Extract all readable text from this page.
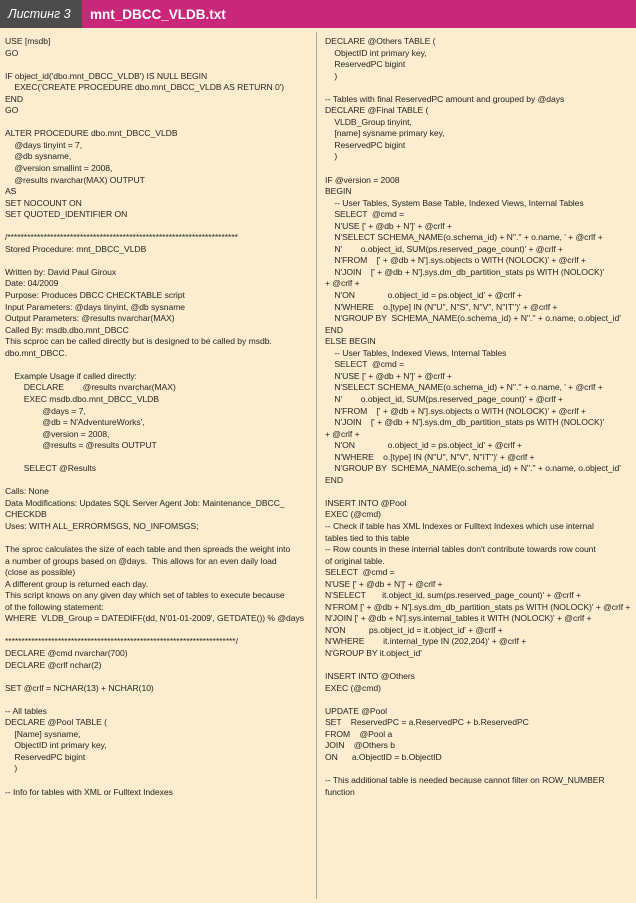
Листинг 3	mnt_DBCC_VLDB.txt
USE [msdb]
GO

IF object_id('dbo.mnt_DBCC_VLDB') IS NULL BEGIN
EXEC('CREATE PROCEDURE dbo.mnt_DBCC_VLDB AS RETURN 0')
END
GO

ALTER PROCEDURE dbo.mnt_DBCC_VLDB
@days tinyint = 7,
@db sysname,
@version smallint = 2008,
@results nvarchar(MAX) OUTPUT
AS
SET NOCOUNT ON
SET QUOTED_IDENTIFIER ON

/**********************************************************************
Stored Procedure: mnt_DBCC_VLDB

Written by: David Paul Giroux
Date: 04/2009
Purpose: Produces DBCC CHECKTABLE script
Input Parameters: @days tinyint, @db sysname
Output Parameters: @results nvarchar(MAX)
Called By: msdb.dbo.mnt_DBCC
This scproc can be called directly but is designed to be called by msdb.
dbo.mnt_DBCC.

Example Usage if called directly:
DECLARE        @results nvarchar(MAX)
EXEC msdb.dbo.mnt_DBCC_VLDB
@days = 7,
@db = N'AdventureWorks',
@version = 2008,
@results = @results OUTPUT

SELECT @Results

Calls: None
Data Modifications: Updates SQL Server Agent Job: Maintenance_DBCC_
CHECKDB
Uses: WITH ALL_ERRORMSGS, NO_INFOMSGS;

The sproc calculates the size of each table and then spreads the weight into
a number of groups based on @days.  This allows for an even daily load
(close as possible)
A different group is returned each day.
This script knows on any given day which set of tables to execute because
of the following statement:
WHERE  VLDB_Group = DATEDIFF(dd, N'01-01-2009', GETDATE()) % @days

**********************************************************************/
DECLARE @cmd nvarchar(700)
DECLARE @crlf nchar(2)

SET @crlf = NCHAR(13) + NCHAR(10)

-- All tables
DECLARE @Pool TABLE (
[Name] sysname,
ObjectID int primary key,
ReservedPC bigint
)

-- Info for tables with XML or Fulltext Indexes
DECLARE @Others TABLE (
ObjectID int primary key,
ReservedPC bigint
)

-- Tables with final ReservedPC amount and grouped by @days
DECLARE @Final TABLE (
VLDB_Group tinyint,
[name] sysname primary key,
ReservedPC bigint
)

IF @version = 2008
BEGIN
-- User Tables, System Base Table, Indexed Views, Internal Tables
SELECT  @cmd =
N'USE [' + @db + N']' + @crlf +
N'SELECT SCHEMA_NAME(o.schema_id) + N''.'' + o.name, ' + @crlf +
N'        o.object_id, SUM(ps.reserved_page_count)' + @crlf +
N'FROM    [' + @db + N'].sys.objects o WITH (NOLOCK)' + @crlf +
N'JOIN    [' + @db + N'].sys.dm_db_partition_stats ps WITH (NOLOCK)'
+ @crlf +
N'ON              o.object_id = ps.object_id' + @crlf +
N'WHERE    o.[type] IN (N''U'', N''S'', N''V'', N''IT'')' + @crlf +
N'GROUP BY  SCHEMA_NAME(o.schema_id) + N''.'' + o.name, o.object_id'
END
ELSE BEGIN
-- User Tables, Indexed Views, Internal Tables
SELECT  @cmd =
N'USE [' + @db + N']' + @crlf +
N'SELECT SCHEMA_NAME(o.schema_id) + N''.'' + o.name, ' + @crlf +
N'        o.object_id, SUM(ps.reserved_page_count)' + @crlf +
N'FROM    [' + @db + N'].sys.objects o WITH (NOLOCK)' + @crlf +
N'JOIN    [' + @db + N'].sys.dm_db_partition_stats ps WITH (NOLOCK)'
+ @crlf +
N'ON              o.object_id = ps.object_id' + @crlf +
N'WHERE    o.[type] IN (N''U'', N''V'', N''IT'')' + @crlf +
N'GROUP BY  SCHEMA_NAME(o.schema_id) + N''.'' + o.name, o.object_id'
END

INSERT INTO @Pool
EXEC (@cmd)
-- Check if table has XML Indexes or Fulltext Indexes which use internal
tables tied to this table
-- Row counts in these internal tables don't contribute towards row count
of original table.
SELECT  @cmd =
N'USE [' + @db + N']' + @crlf +
N'SELECT       it.object_id, sum(ps.reserved_page_count)' + @crlf +
N'FROM [' + @db + N'].sys.dm_db_partition_stats ps WITH (NOLOCK)' + @crlf +
N'JOIN [' + @db + N'].sys.internal_tables it WITH (NOLOCK)' + @crlf +
N'ON          ps.object_id = it.object_id' + @crlf +
N'WHERE        it.internal_type IN (202,204)' + @crlf +
N'GROUP BY it.object_id'

INSERT INTO @Others
EXEC (@cmd)

UPDATE @Pool
SET    ReservedPC = a.ReservedPC + b.ReservedPC
FROM    @Pool a
JOIN    @Others b
ON      a.ObjectID = b.ObjectID

-- This additional table is needed because cannot filter on ROW_NUMBER
function
